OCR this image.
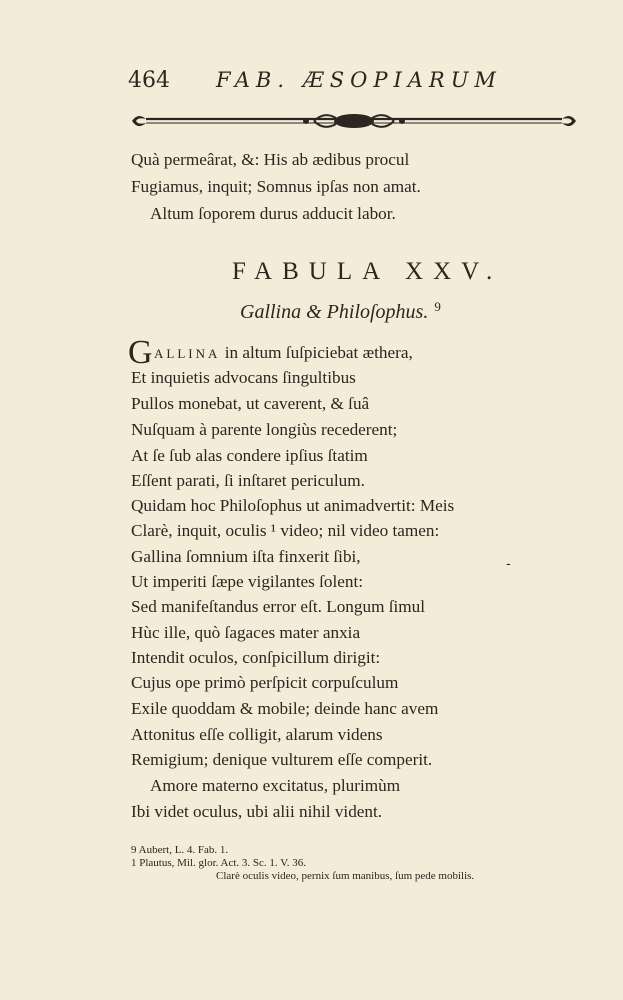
464 FAB. ÆSOPIARUM
Quà permeârat, &: His ab ædibus procul
Fugiamus, inquit; Somnus ipſas non amat.
Altum ſoporem durus adducit labor.
FABULA XXV.
Gallina & Philoſophus. $^9$
G ALLINA in altum ſuſpiciebat æthera,
Et inquietis advocans ſingultibus
Pullos monebat, ut caverent, & ſuâ
Nuſquam à parente longiùs recederent;
At ſe ſub alas condere ipſius ſtatim
Eſſent parati, ſi inſtaret periculum.
Quidam hoc Philoſophus ut animadvertit: Meis
Clarè, inquit, oculis ¹ video; nil video tamen:
Gallina ſomnium iſta finxerit ſibi,
Ut imperiti ſæpe vigilantes ſolent:
Sed manifeſtandus error eſt. Longum ſimul
Hùc ille, quò ſagaces mater anxia
Intendit oculos, conſpicillum dirigit:
Cujus ope primò perſpicit corpuſculum
Exile quoddam & mobile; deinde hanc avem
Attonitus eſſe colligit, alarum videns
Remigium; denique vulturem eſſe comperit.
Amore materno excitatus, plurimùm
Ibi videt oculus, ubi alii nihil vident.
-
9 Aubert, L. 4. Fab. 1.
1 Plautus, Mil. glor. Act. 3. Sc. 1. V. 36.
Clarè oculis video, pernix ſum manibus, ſum pede mobilis.
